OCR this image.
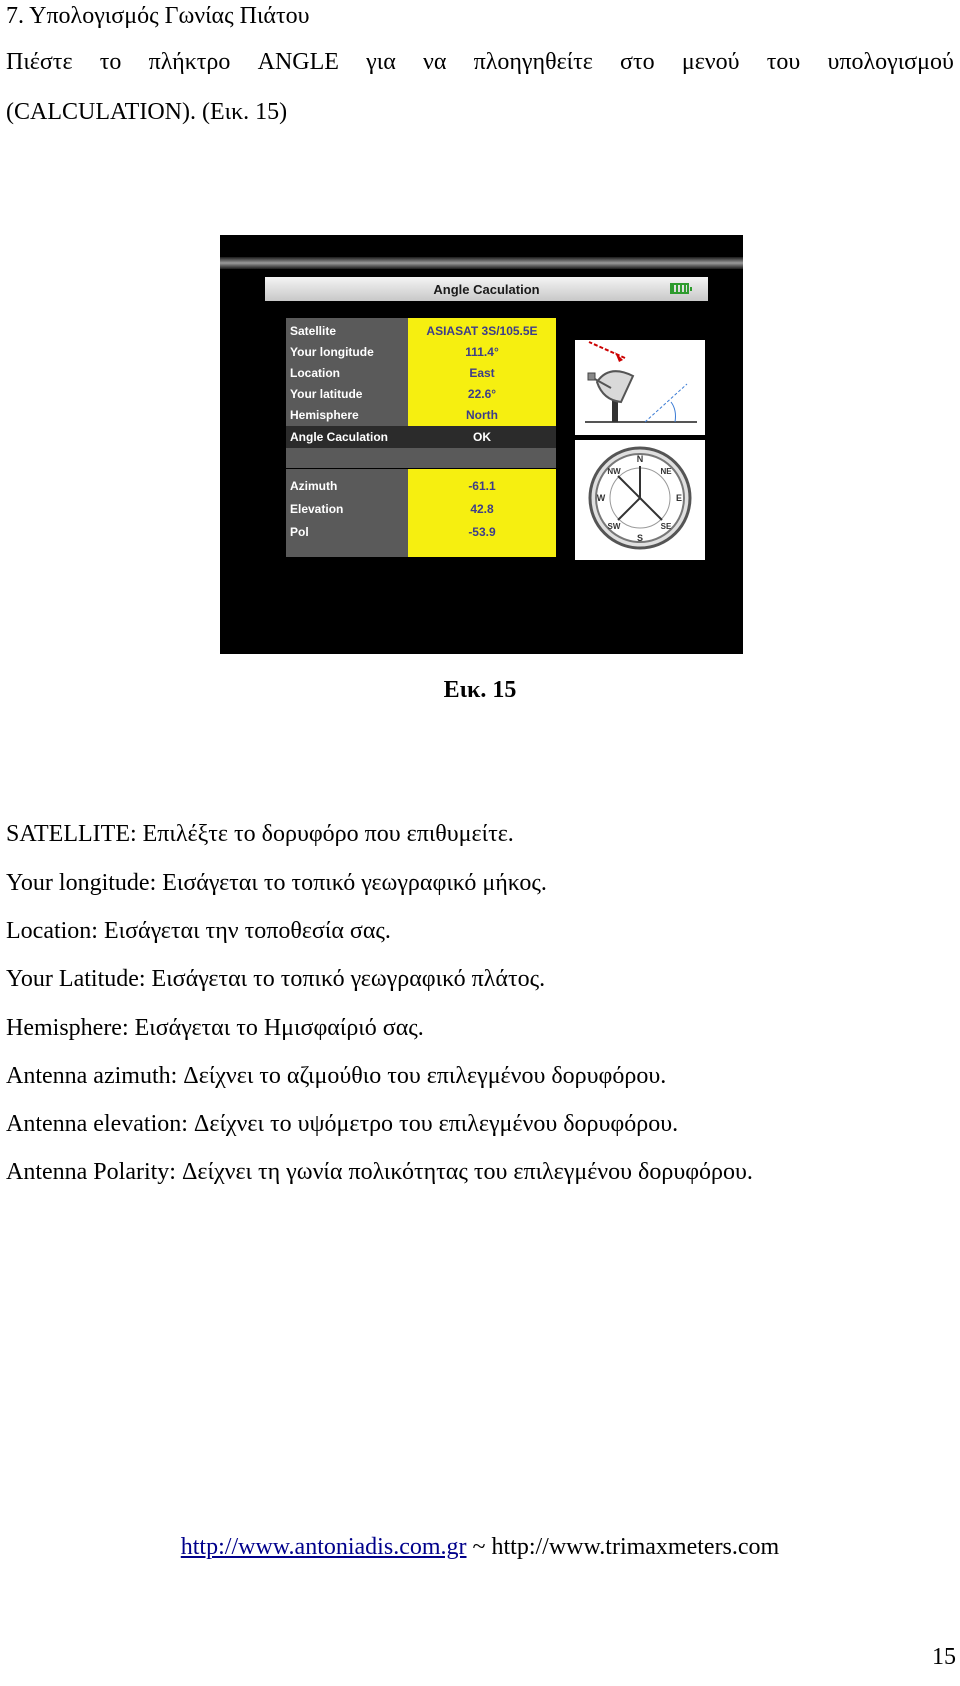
7. Υπολογισμός Γωνίας Πιάτου
Πιέστε το πλήκτρο ANGLE για να πλοηγηθείτε στο μενού του υπολογισμού
(CALCULATION). (Εικ. 15)
Angle Caculation
Satellite	ASIASAT 3S/105.5E
Your longitude	111.4°
Location	East
Your latitude	22.6°
Hemisphere	North
Angle Caculation	OK
Azimuth	-61.1
Elevation	42.8
Pol	-53.9
N
NE
E
SE
S
SW
W
NW
Εικ. 15
SATELLITE: Επιλέξτε το δορυφόρο που επιθυμείτε.
Your longitude: Εισάγεται το τοπικό γεωγραφικό μήκος.
Location: Εισάγεται την τοποθεσία σας.
Your Latitude: Εισάγεται το τοπικό γεωγραφικό πλάτος.
Hemisphere: Εισάγεται το Ημισφαίριό σας.
Antenna azimuth: Δείχνει το αζιμούθιο του επιλεγμένου δορυφόρου.
Antenna elevation: Δείχνει το υψόμετρο του επιλεγμένου δορυφόρου.
Antenna Polarity: Δείχνει τη γωνία πολικότητας του επιλεγμένου δορυφόρου.
http://www.antoniadis.com.gr ~ http://www.trimaxmeters.com
15
